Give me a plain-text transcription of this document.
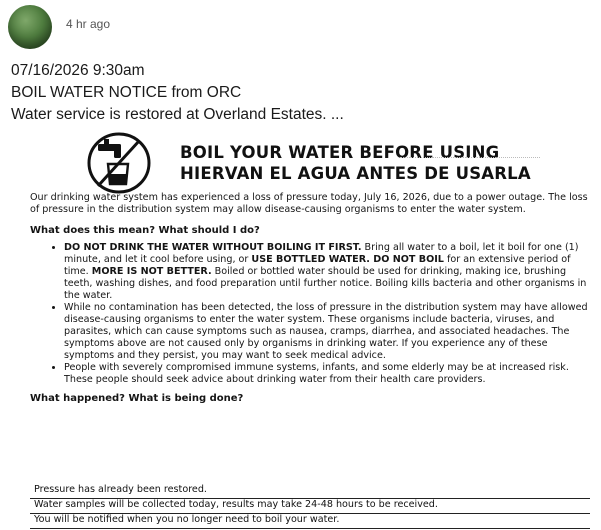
4 hr ago
07/16/2026 9:30am
BOIL WATER NOTICE from ORC
Water service is restored at Overland Estates. ...
BOIL YOUR WATER BEFORE USING
HIERVAN EL AGUA ANTES DE USARLA

Our drinking water system has experienced a loss of pressure today, July 16, 2026, due to a power outage. The loss of pressure in the distribution system may allow disease-causing organisms to enter the water system.

What does this mean? What should I do?
• DO NOT DRINK THE WATER WITHOUT BOILING IT FIRST. Bring all water to a boil, let it boil for one (1) minute, and let it cool before using, or USE BOTTLED WATER. DO NOT BOIL for an extensive period of time. MORE IS NOT BETTER. Boiled or bottled water should be used for drinking, making ice, brushing teeth, washing dishes, and food preparation until further notice. Boiling kills bacteria and other organisms in the water.
• While no contamination has been detected, the loss of pressure in the distribution system may have allowed disease-causing organisms to enter the water system. These organisms include bacteria, viruses, and parasites, which can cause symptoms such as nausea, cramps, diarrhea, and associated headaches. The symptoms above are not caused only by organisms in drinking water. If you experience any of these symptoms and they persist, you may want to seek medical advice.
• People with severely compromised immune systems, infants, and some elderly may be at increased risk. These people should seek advice about drinking water from their health care providers.
What happened? What is being done?
Pressure has already been restored.
Water samples will be collected today, results may take 24-48 hours to be received.
You will be notified when you no longer need to boil your water.
